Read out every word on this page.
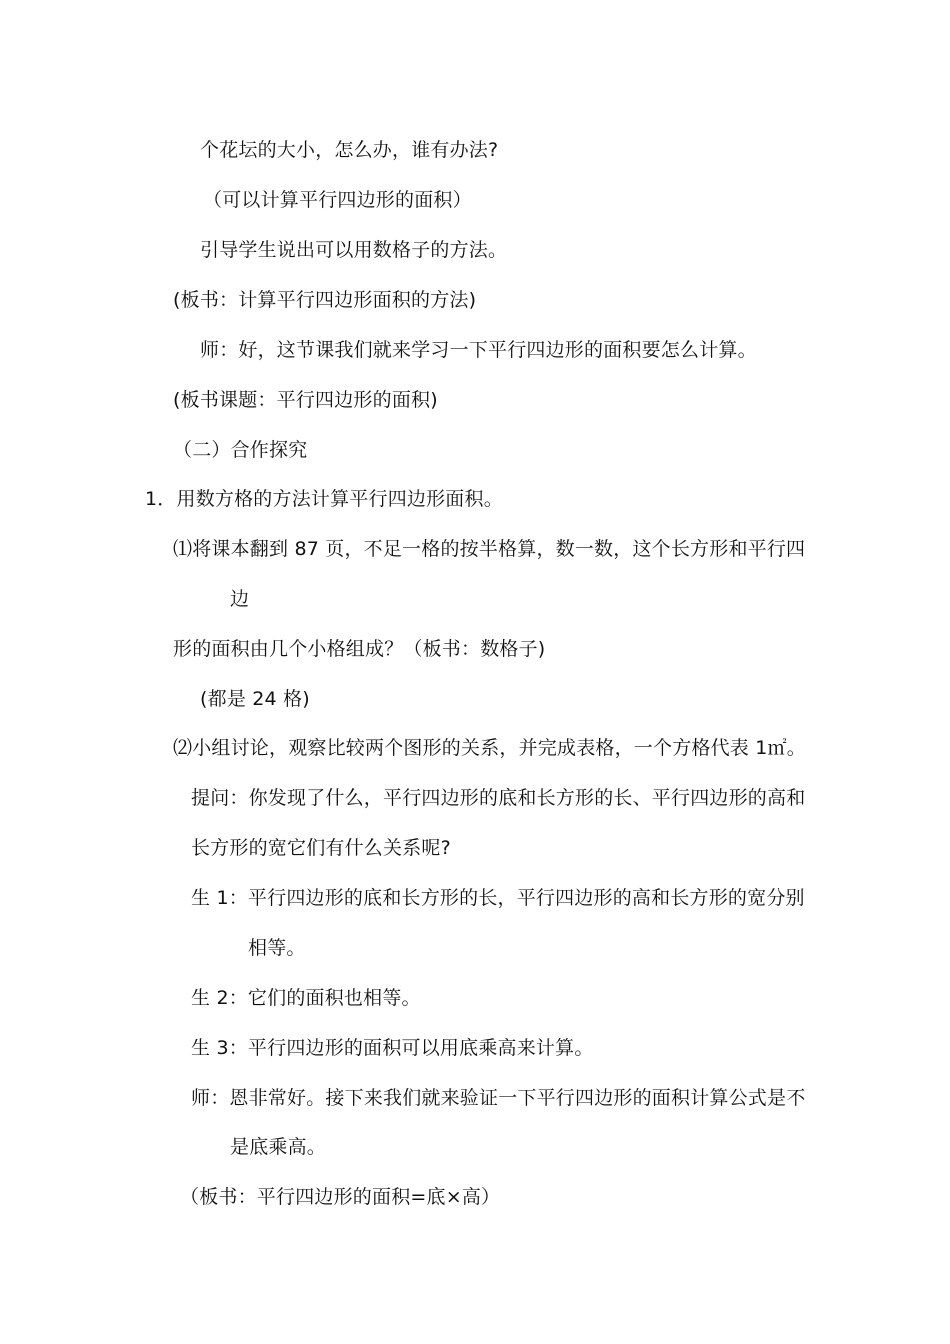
个花坛的大小，怎么办，谁有办法?
（可以计算平行四边形的面积）
引导学生说出可以用数格子的方法。
(板书：计算平行四边形面积的方法)
师：好，这节课我们就来学习一下平行四边形的面积要怎么计算。
(板书课题：平行四边形的面积)
（二）合作探究
1．用数方格的方法计算平行四边形面积。
⑴将课本翻到 87 页，不足一格的按半格算，数一数，这个长方形和平行四
边
形的面积由几个小格组成？（板书：数格子)
(都是 24 格)
⑵小组讨论，观察比较两个图形的关系，并完成表格，一个方格代表 1㎡。
提问：你发现了什么，平行四边形的底和长方形的长、平行四边形的高和
长方形的宽它们有什么关系呢?
生 1：平行四边形的底和长方形的长，平行四边形的高和长方形的宽分别
相等。
生 2：它们的面积也相等。
生 3：平行四边形的面积可以用底乘高来计算。
师：恩非常好。接下来我们就来验证一下平行四边形的面积计算公式是不
是底乘高。
（板书：平行四边形的面积=底×高）
